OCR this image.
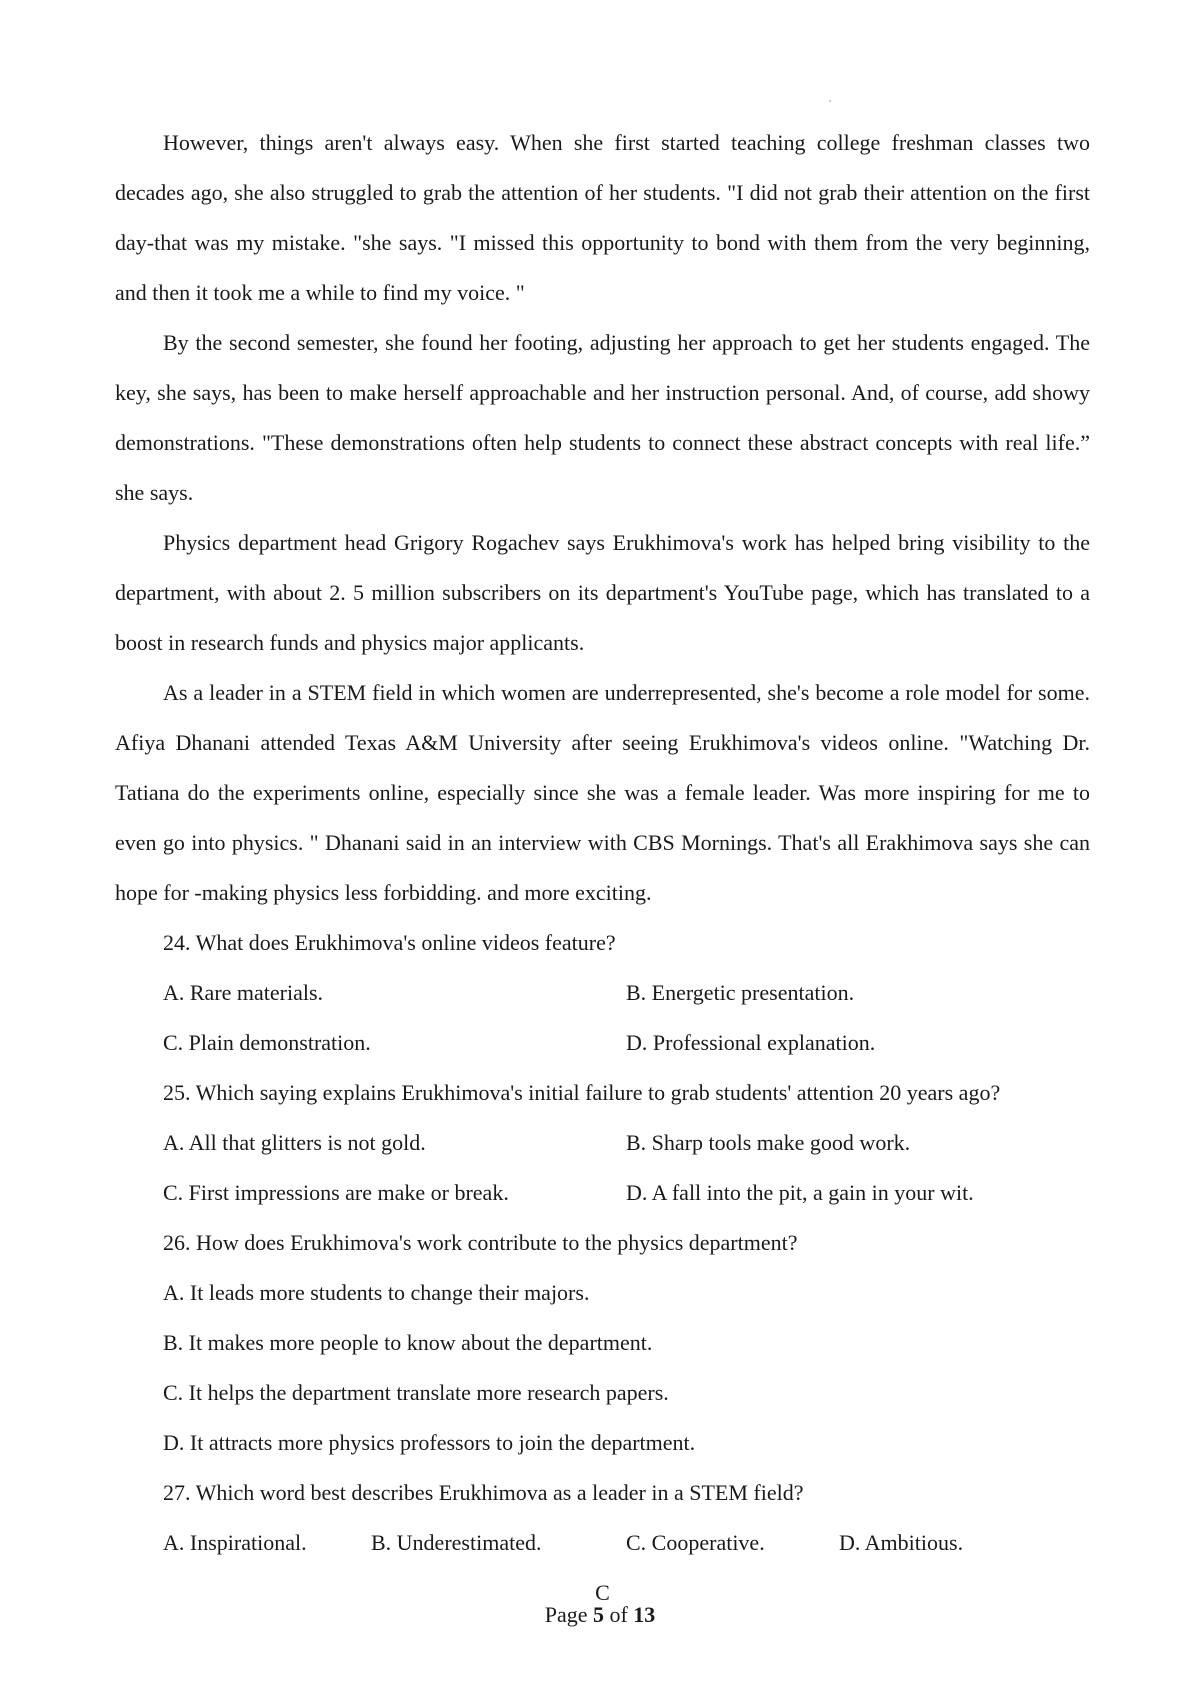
However, things aren't always easy. When she first started teaching college freshman classes two decades ago, she also struggled to grab the attention of her students. "I did not grab their attention on the first day-that was my mistake. "she says. "I missed this opportunity to bond with them from the very beginning, and then it took me a while to find my voice. "

By the second semester, she found her footing, adjusting her approach to get her students engaged. The key, she says, has been to make herself approachable and her instruction personal. And, of course, add showy demonstrations. "These demonstrations often help students to connect these abstract concepts with real life.” she says.

Physics department head Grigory Rogachev says Erukhimova's work has helped bring visibility to the department, with about 2. 5 million subscribers on its department's YouTube page, which has translated to a boost in research funds and physics major applicants.

As a leader in a STEM field in which women are underrepresented, she's become a role model for some. Afiya Dhanani attended Texas A&M University after seeing Erukhimova's videos online. "Watching Dr. Tatiana do the experiments online, especially since she was a female leader. Was more inspiring for me to even go into physics. " Dhanani said in an interview with CBS Mornings. That's all Erakhimova says she can hope for -making physics less forbidding. and more exciting.

24. What does Erukhimova's online videos feature?

A. Rare materials.	B. Energetic presentation.
C. Plain demonstration.	D. Professional explanation.

25. Which saying explains Erukhimova's initial failure to grab students' attention 20 years ago?

A. All that glitters is not gold.	B. Sharp tools make good work.
C. First impressions are make or break.	D. A fall into the pit, a gain in your wit.

26. How does Erukhimova's work contribute to the physics department?

A. It leads more students to change their majors.

B. It makes more people to know about the department.

C. It helps the department translate more research papers.

D. It attracts more physics professors to join the department.

27. Which word best describes Erukhimova as a leader in a STEM field?

A. Inspirational.	B. Underestimated.	C. Cooperative.	D. Ambitious.

C

Page 5 of 13
